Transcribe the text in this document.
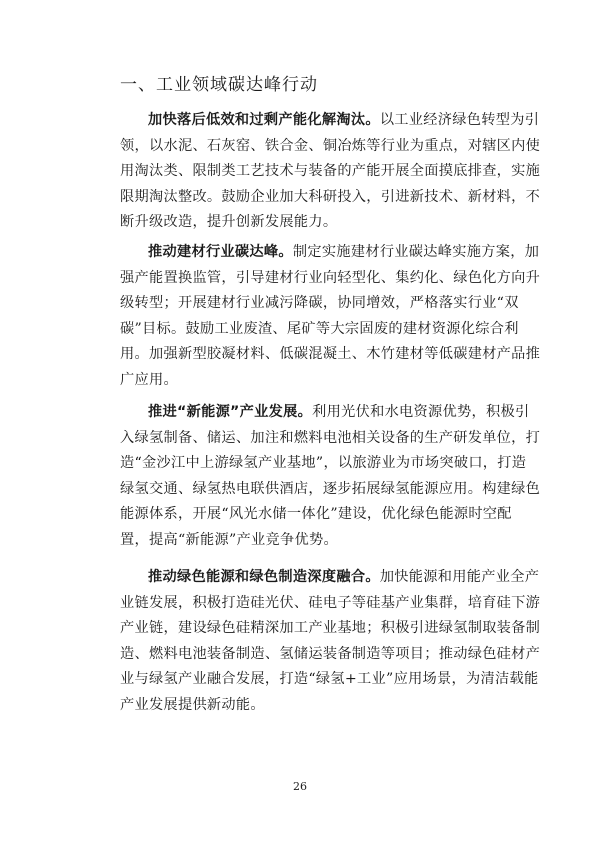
一、工业领域碳达峰行动
加快落后低效和过剩产能化解淘汰。以工业经济绿色转型为引
领，以水泥、石灰窑、铁合金、铜冶炼等行业为重点，对辖区内使
用淘汰类、限制类工艺技术与装备的产能开展全面摸底排查，实施
限期淘汰整改。鼓励企业加大科研投入，引进新技术、新材料，不
断升级改造，提升创新发展能力。
推动建材行业碳达峰。制定实施建材行业碳达峰实施方案，加
强产能置换监管，引导建材行业向轻型化、集约化、绿色化方向升
级转型；开展建材行业减污降碳，协同增效，严格落实行业“双
碳”目标。鼓励工业废渣、尾矿等大宗固废的建材资源化综合利
用。加强新型胶凝材料、低碳混凝土、木竹建材等低碳建材产品推
广应用。
推进“新能源”产业发展。利用光伏和水电资源优势，积极引
入绿氢制备、储运、加注和燃料电池相关设备的生产研发单位，打
造“金沙江中上游绿氢产业基地”，以旅游业为市场突破口，打造
绿氢交通、绿氢热电联供酒店，逐步拓展绿氢能源应用。构建绿色
能源体系，开展“风光水储一体化”建设，优化绿色能源时空配
置，提高“新能源”产业竞争优势。
推动绿色能源和绿色制造深度融合。加快能源和用能产业全产
业链发展，积极打造硅光伏、硅电子等硅基产业集群，培育硅下游
产业链，建设绿色硅精深加工产业基地；积极引进绿氢制取装备制
造、燃料电池装备制造、氢储运装备制造等项目；推动绿色硅材产
业与绿氢产业融合发展，打造“绿氢+工业”应用场景，为清洁载能
产业发展提供新动能。
26
